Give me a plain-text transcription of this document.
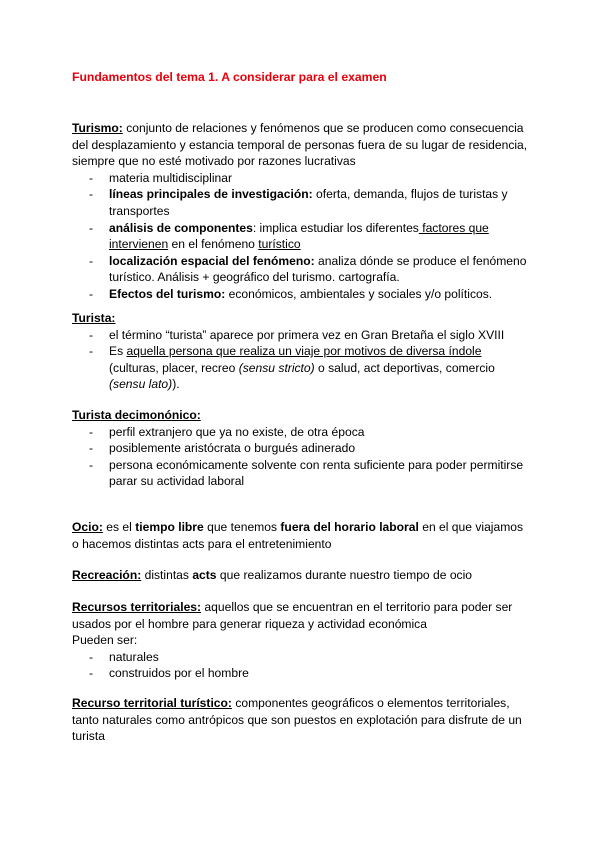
Fundamentos del tema 1. A considerar para el examen
Turismo: conjunto de relaciones y fenómenos que se producen como consecuencia del desplazamiento y estancia temporal de personas fuera de su lugar de residencia, siempre que no esté motivado por razones lucrativas
- materia multidisciplinar
- líneas principales de investigación: oferta, demanda, flujos de turistas y transportes
- análisis de componentes: implica estudiar los diferentes factores que intervienen en el fenómeno turístico
- localización espacial del fenómeno: analiza dónde se produce el fenómeno turístico. Análisis + geográfico del turismo. cartografía.
- Efectos del turismo: económicos, ambientales y sociales y/o políticos.
Turista:
- el término “turista” aparece por primera vez en Gran Bretaña el siglo XVIII
- Es aquella persona que realiza un viaje por motivos de diversa índole (culturas, placer, recreo (sensu stricto) o salud, act deportivas, comercio (sensu lato)).
Turista decimonónico:
- perfil extranjero que ya no existe, de otra época
- posiblemente aristócrata o burgués adinerado
- persona económicamente solvente con renta suficiente para poder permitirse parar su actividad laboral
Ocio: es el tiempo libre que tenemos fuera del horario laboral en el que viajamos o hacemos distintas acts para el entretenimiento
Recreación: distintas acts que realizamos durante nuestro tiempo de ocio
Recursos territoriales: aquellos que se encuentran en el territorio para poder ser usados por el hombre para generar riqueza y actividad económica
Pueden ser:
- naturales
- construidos por el hombre
Recurso territorial turístico: componentes geográficos o elementos territoriales, tanto naturales como antrópicos que son puestos en explotación para disfrute de un turista
